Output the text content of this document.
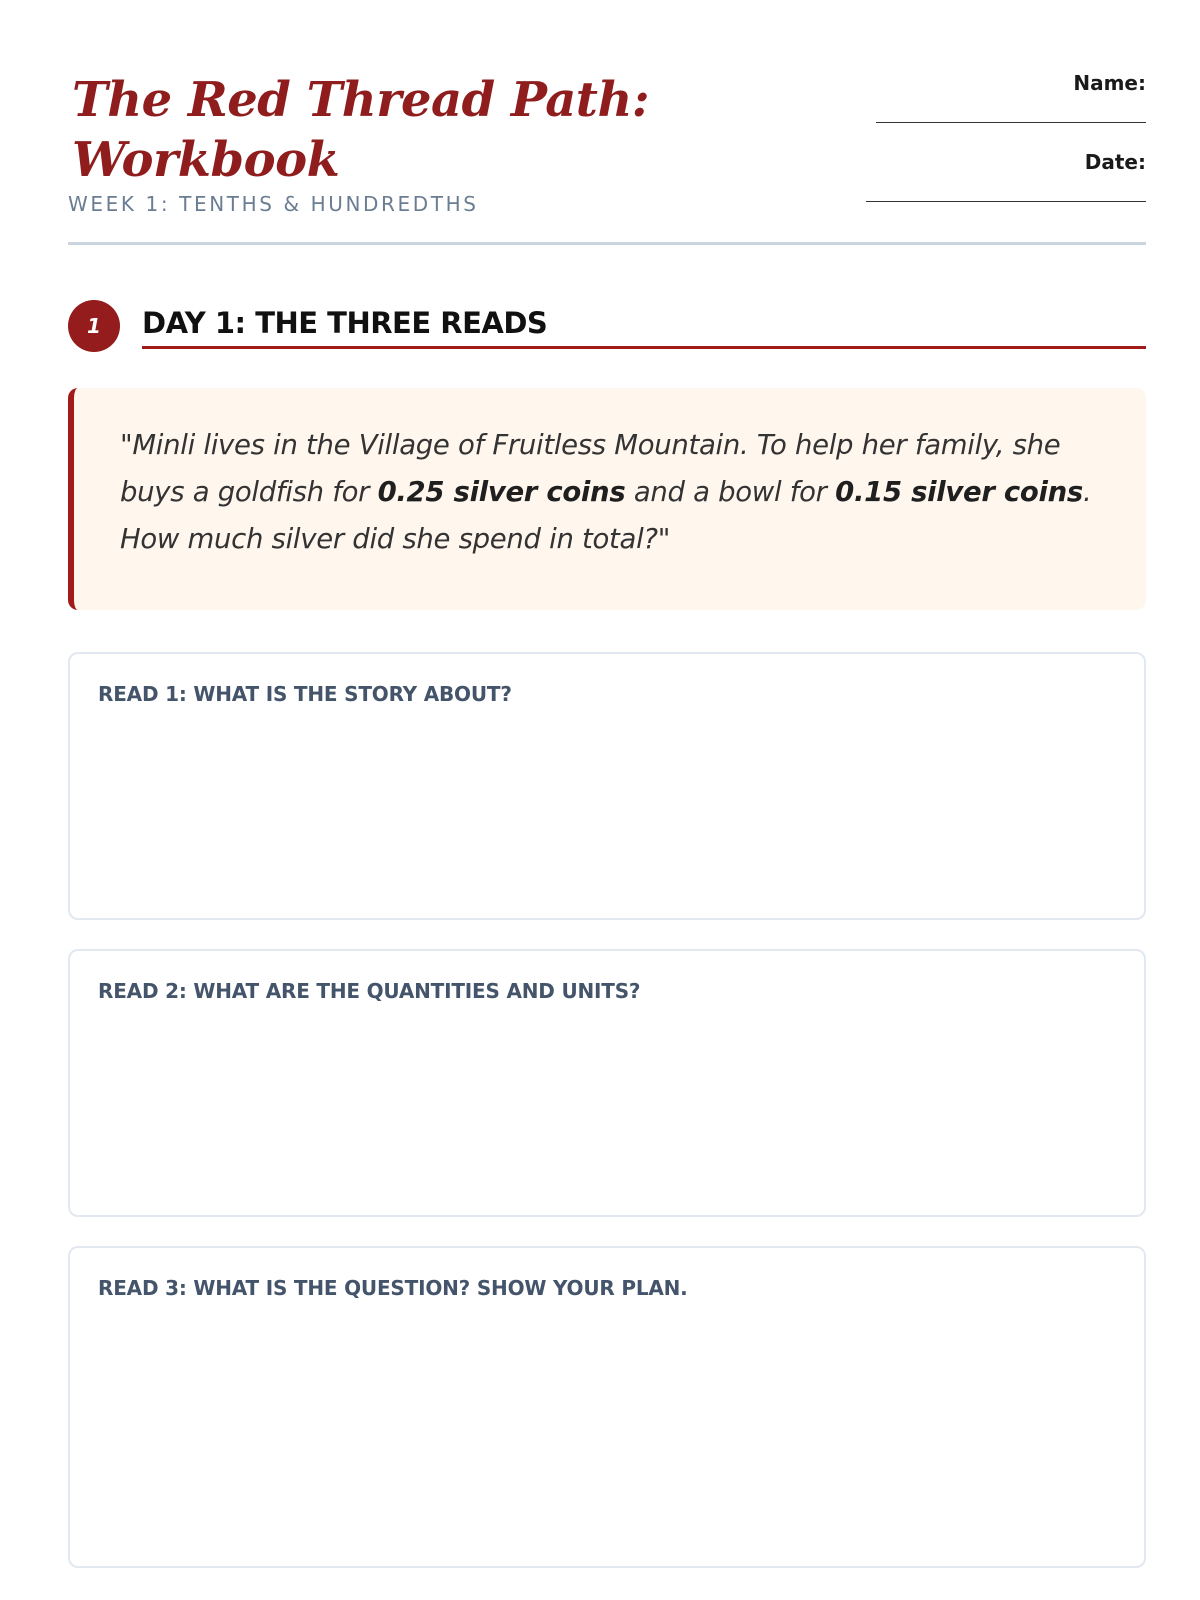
The Red Thread Path:
Workbook
WEEK 1: TENTHS & HUNDREDTHS
Name:
Date:
1	DAY 1: THE THREE READS
"Minli lives in the Village of Fruitless Mountain. To help her family, she buys a goldfish for 0.25 silver coins and a bowl for 0.15 silver coins. How much silver did she spend in total?"
READ 1: WHAT IS THE STORY ABOUT?
READ 2: WHAT ARE THE QUANTITIES AND UNITS?
READ 3: WHAT IS THE QUESTION? SHOW YOUR PLAN.
